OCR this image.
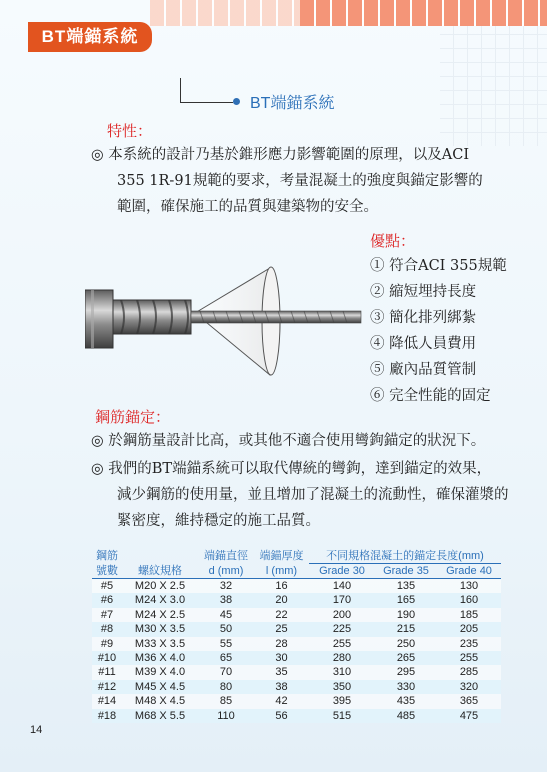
BT端錨系統
BT端錨系統
特性：
◎ 本系統的設計乃基於錐形應力影響範圍的原理，以及ACI
355 1R-91規範的要求，考量混凝土的強度與錨定影響的
範圍，確保施工的品質與建築物的安全。
優點：
① 符合ACI 355規範
② 縮短埋持長度
③ 簡化排列綁紮
④ 降低人員費用
⑤ 廠內品質管制
⑥ 完全性能的固定
鋼筋錨定：
◎ 於鋼筋量設計比高，或其他不適合使用彎鉤錨定的狀況下。
◎ 我們的BT端錨系統可以取代傳統的彎鉤，達到錨定的效果，
減少鋼筋的使用量，並且增加了混凝土的流動性，確保灌漿的
緊密度，維持穩定的施工品質。
鋼筋		端錨直徑	端錨厚度	不同規格混凝土的錨定長度(mm)		
號數	螺紋規格	d (mm)	l (mm)	Grade 30	Grade 35	Grade 40
#5	M20 X 2.5	32	16	140	135	130
#6	M24 X 3.0	38	20	170	165	160
#7	M24 X 2.5	45	22	200	190	185
#8	M30 X 3.5	50	25	225	215	205
#9	M33 X 3.5	55	28	255	250	235
#10	M36 X 4.0	65	30	280	265	255
#11	M39 X 4.0	70	35	310	295	285
#12	M45 X 4.5	80	38	350	330	320
#14	M48 X 4.5	85	42	395	435	365
#18	M68 X 5.5	110	56	515	485	475
14
